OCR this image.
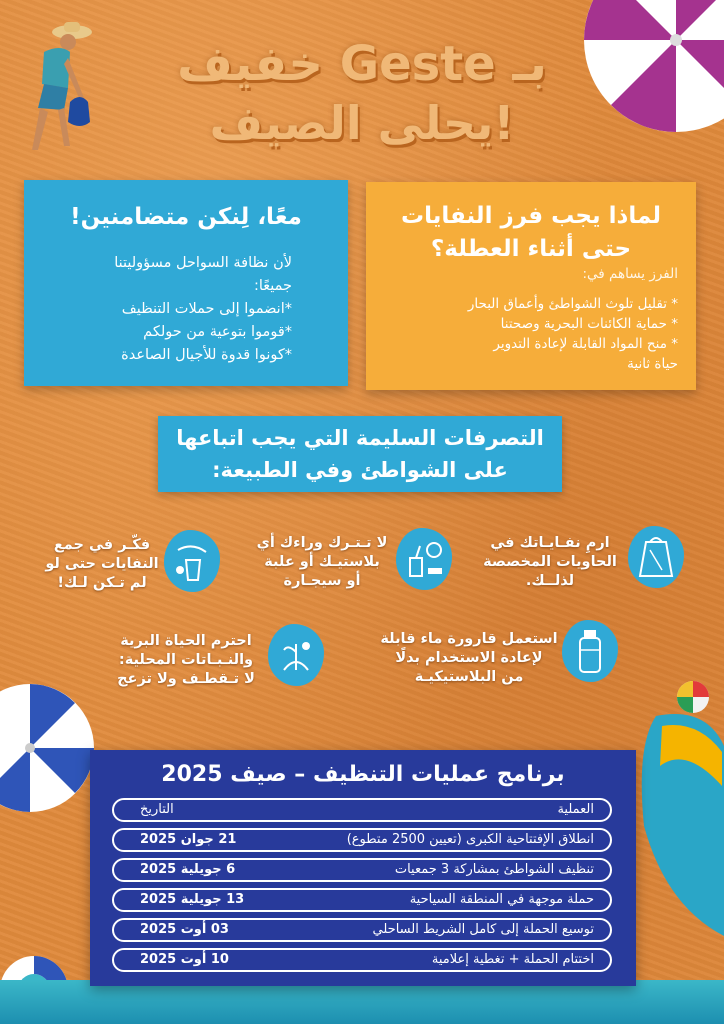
خفيف Geste بـ
يحلى الصيف!
معًا، لِنكن متضامنين!

لأن نظافة السواحل مسؤوليتنا

جميعًا:

*انضموا إلى حملات التنظيف

*قوموا بتوعية من حولكم

*كونوا قدوة للأجيال الصاعدة

لماذا يجب فرز النفايات
حتى أثناء العطلة؟

الفرز يساهم في:

* تقليل تلوث الشواطئ وأعماق البحار

* حماية الكائنات البحرية وصحتنا

* منح المواد القابلة لإعادة التدوير

حياة ثانية

التصرفات السليمة التي يجب اتباعها
على الشواطئ وفي الطبيعة:
ارمِ نفـايـاتك في
الحاويات المخصصة
لذلــك.
لا تـتـرك وراءك أي
بلاستيـك أو علبة
أو سيجـارة
فكّـر في جمع
النفايات حتى لو
لم تـكن لـك!
استعمل قارورة ماء قابلة
لإعادة الاستخدام بدلًا
من البلاستيكيـة
احترم الحياة البرية
والنـبـاتات المحلية:
لا تـقطـف ولا تزعج
برنامج عمليات التنظيف – صيف 2025
العملية
التاريخ
انطلاق الإفتتاحية الكبرى (تعيين 2500 متطوع)
21 جوان 2025
تنظيف الشواطئ بمشاركة 3 جمعيات
6 جويلية 2025
حملة موجهة في المنطقة السياحية
13 جويلية 2025
توسيع الحملة إلى كامل الشريط الساحلي
03 أوت 2025
اختتام الحملة + تغطية إعلامية
10 أوت 2025
